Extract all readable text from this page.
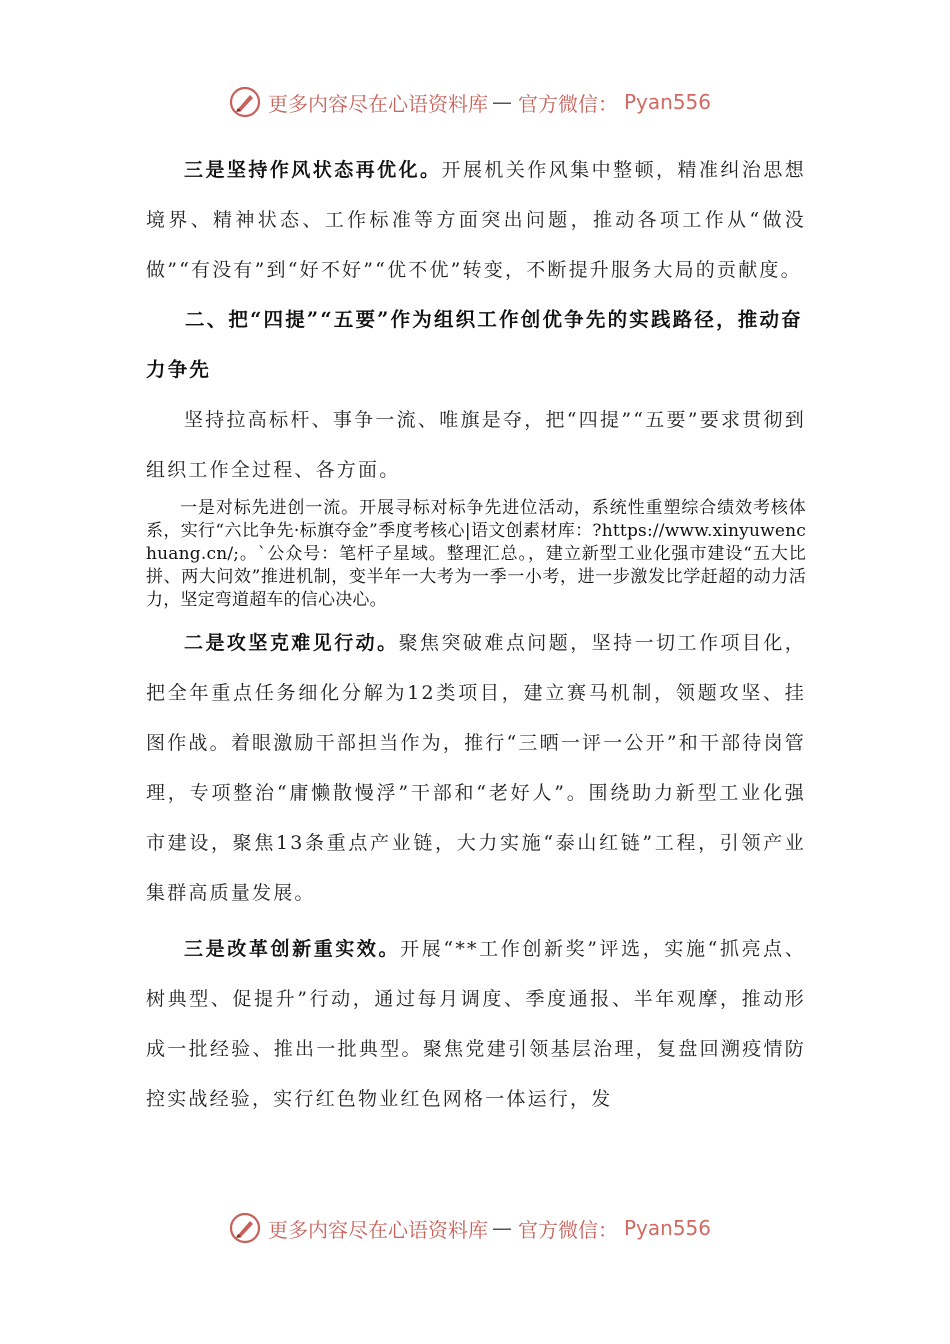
更多内容尽在心语资料库 — 官方微信： Pyan556

三是坚持作风状态再优化。开展机关作风集中整顿，精准纠治思想境界、精神状态、工作标准等方面突出问题，推动各项工作从“做没做”“有没有”到“好不好”“优不优”转变，不断提升服务大局的贡献度。

二、把“四提”“五要”作为组织工作创优争先的实践路径，推动奋力争先

坚持拉高标杆、事争一流、唯旗是夺，把“四提”“五要”要求贯彻到组织工作全过程、各方面。

一是对标先进创一流。开展寻标对标争先进位活动，系统性重塑综合绩效考核体系，实行“六比争先·标旗夺金”季度考核心|语文创素材库：?https://www.xinyuwenchuang.cn/;。`公众号：笔杆子星域。整理汇总。，建立新型工业化强市建设“五大比拼、两大问效”推进机制，变半年一大考为一季一小考，进一步激发比学赶超的动力活力，坚定弯道超车的信心决心。

二是攻坚克难见行动。聚焦突破难点问题，坚持一切工作项目化，把全年重点任务细化分解为12类项目，建立赛马机制，领题攻坚、挂图作战。着眼激励干部担当作为，推行“三晒一评一公开”和干部待岗管理，专项整治“庸懒散慢浮”干部和“老好人”。围绕助力新型工业化强市建设，聚焦13条重点产业链，大力实施“泰山红链”工程，引领产业集群高质量发展。

三是改革创新重实效。开展“**工作创新奖”评选，实施“抓亮点、树典型、促提升”行动，通过每月调度、季度通报、半年观摩，推动形成一批经验、推出一批典型。聚焦党建引领基层治理，复盘回溯疫情防控实战经验，实行红色物业红色网格一体运行，发

更多内容尽在心语资料库 — 官方微信： Pyan556
